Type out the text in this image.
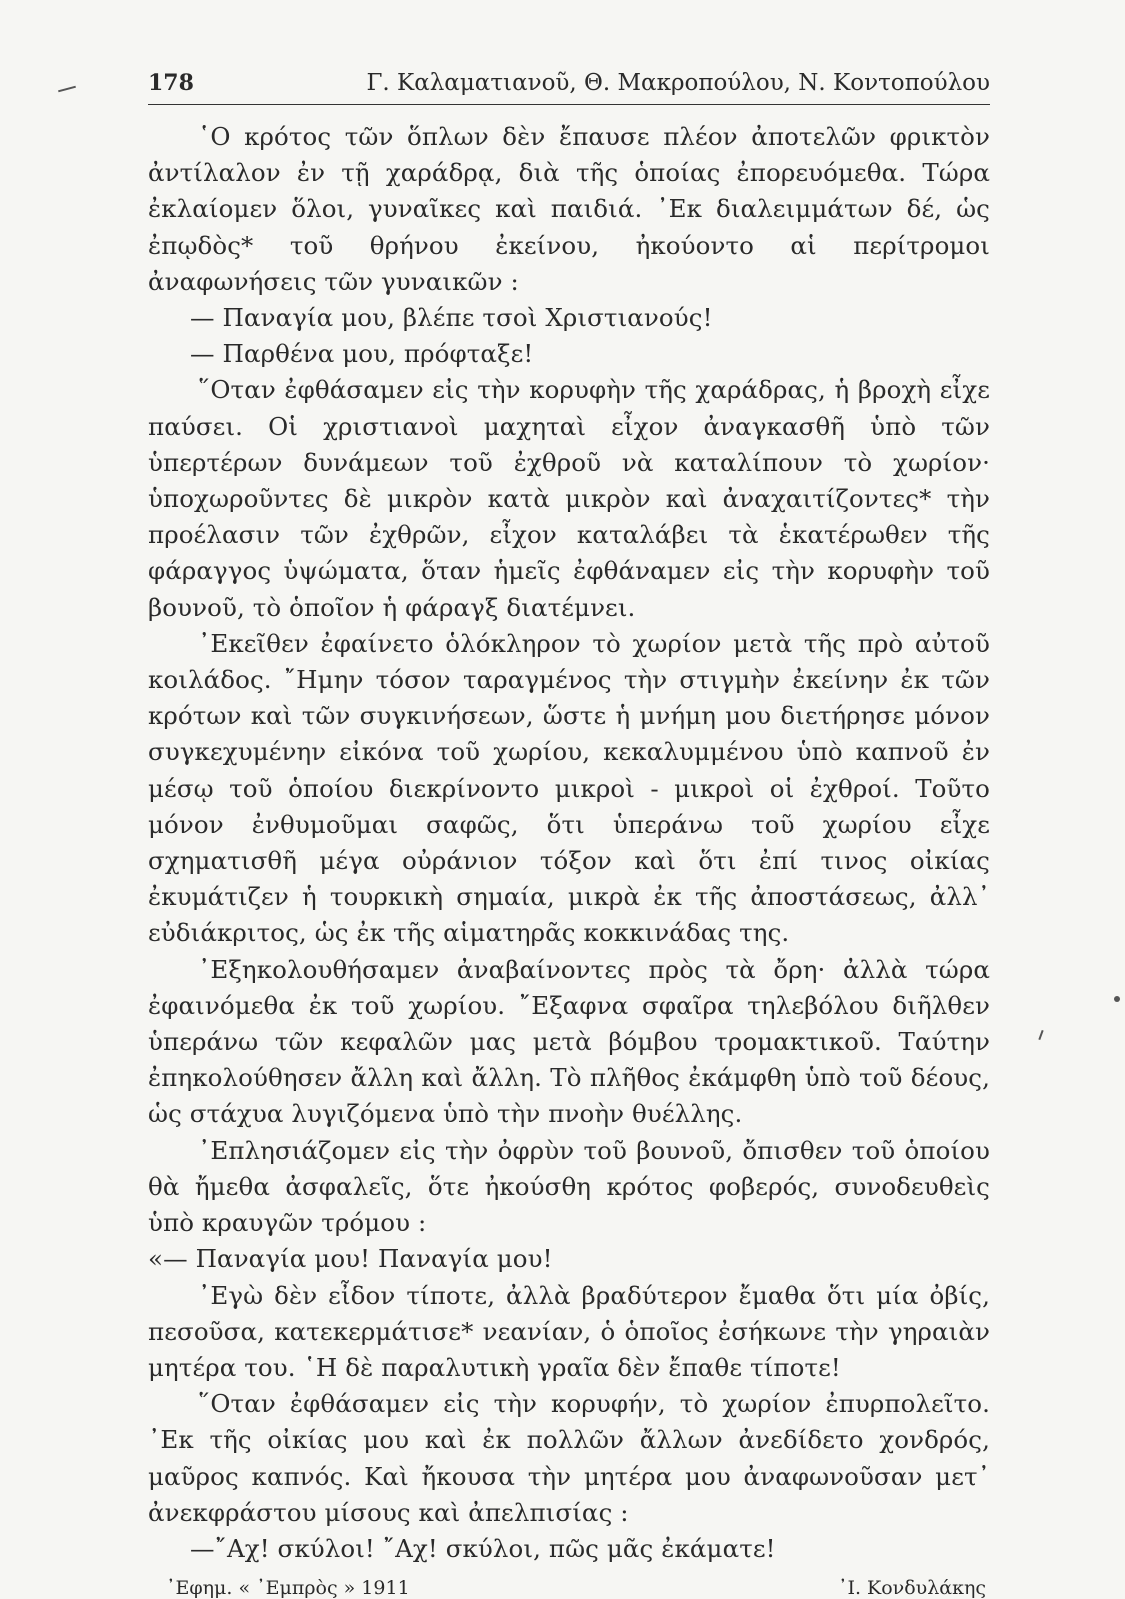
178	Γ. Καλαματιανοῦ, Θ. Μακροπούλου, Ν. Κοντοπούλου

῾Ο κρότος τῶν ὅπλων δὲν ἔπαυσε πλέον ἀποτελῶν φρικτὸν ἀντίλαλον ἐν τῇ χαράδρᾳ, διὰ τῆς ὁποίας ἐπορευόμεθα. Τώρα ἐκλαίομεν ὅλοι, γυναῖκες καὶ παιδιά. ᾿Εκ διαλειμμάτων δέ, ὡς ἐπῳδὸς* τοῦ θρήνου ἐκείνου, ἠκούοντο αἱ περίτρομοι ἀναφωνήσεις τῶν γυναικῶν :

— Παναγία μου, βλέπε τσοὶ Χριστιανούς!

— Παρθένα μου, πρόφταξε!

῞Οταν ἐφθάσαμεν εἰς τὴν κορυφὴν τῆς χαράδρας, ἡ βροχὴ εἶχε παύσει. Οἱ χριστιανοὶ μαχηταὶ εἶχον ἀναγκασθῆ ὑπὸ τῶν ὑπερτέρων δυνάμεων τοῦ ἐχθροῦ νὰ καταλίπουν τὸ χωρίον· ὑποχωροῦντες δὲ μικρὸν κατὰ μικρὸν καὶ ἀναχαιτίζοντες* τὴν προέλασιν τῶν ἐχθρῶν, εἶχον καταλάβει τὰ ἑκατέρωθεν τῆς φάραγγος ὑψώματα, ὅταν ἡμεῖς ἐφθάναμεν εἰς τὴν κορυφὴν τοῦ βουνοῦ, τὸ ὁποῖον ἡ φάραγξ διατέμνει.

᾿Εκεῖθεν ἐφαίνετο ὁλόκληρον τὸ χωρίον μετὰ τῆς πρὸ αὐτοῦ κοιλάδος. ῎Ημην τόσον ταραγμένος τὴν στιγμὴν ἐκείνην ἐκ τῶν κρότων καὶ τῶν συγκινήσεων, ὥστε ἡ μνήμη μου διετήρησε μόνον συγκεχυμένην εἰκόνα τοῦ χωρίου, κεκαλυμμένου ὑπὸ καπνοῦ ἐν μέσῳ τοῦ ὁποίου διεκρίνοντο μικροὶ - μικροὶ οἱ ἐχθροί. Τοῦτο μόνον ἐνθυμοῦμαι σαφῶς, ὅτι ὑπεράνω τοῦ χωρίου εἶχε σχηματισθῆ μέγα οὐράνιον τόξον καὶ ὅτι ἐπί τινος οἰκίας ἐκυμάτιζεν ἡ τουρκικὴ σημαία, μικρὰ ἐκ τῆς ἀποστάσεως, ἀλλ᾿ εὐδιάκριτος, ὡς ἐκ τῆς αἱματηρᾶς κοκκινάδας της.

᾿Εξηκολουθήσαμεν ἀναβαίνοντες πρὸς τὰ ὄρη· ἀλλὰ τώρα ἐφαινόμεθα ἐκ τοῦ χωρίου. ῎Εξαφνα σφαῖρα τηλεβόλου διῆλθεν ὑπεράνω τῶν κεφαλῶν μας μετὰ βόμβου τρομακτικοῦ. Ταύτην ἐπηκολούθησεν ἄλλη καὶ ἄλλη. Τὸ πλῆθος ἐκάμφθη ὑπὸ τοῦ δέους, ὡς στάχυα λυγιζόμενα ὑπὸ τὴν πνοὴν θυέλλης.

᾿Επλησιάζομεν εἰς τὴν ὀφρὺν τοῦ βουνοῦ, ὄπισθεν τοῦ ὁποίου θὰ ἤμεθα ἀσφαλεῖς, ὅτε ἠκούσθη κρότος φοβερός, συνοδευθεὶς ὑπὸ κραυγῶν τρόμου :

«— Παναγία μου! Παναγία μου!

᾿Εγὼ δὲν εἶδον τίποτε, ἀλλὰ βραδύτερον ἔμαθα ὅτι μία ὀβίς, πεσοῦσα, κατεκερμάτισε* νεανίαν, ὁ ὁποῖος ἐσήκωνε τὴν γηραιὰν μητέρα του. ῾Η δὲ παραλυτικὴ γραῖα δὲν ἔπαθε τίποτε!

῞Οταν ἐφθάσαμεν εἰς τὴν κορυφήν, τὸ χωρίον ἐπυρπολεῖτο. ᾿Εκ τῆς οἰκίας μου καὶ ἐκ πολλῶν ἄλλων ἀνεδίδετο χονδρός, μαῦρος καπνός. Καὶ ἤκουσα τὴν μητέρα μου ἀναφωνοῦσαν μετ᾿ ἀνεκφράστου μίσους καὶ ἀπελπισίας :

—῎Αχ! σκύλοι! ῎Αχ! σκύλοι, πῶς μᾶς ἐκάματε!

᾿Εφημ. « ᾿Εμπρὸς » 1911	᾿Ι. Κονδυλάκης
